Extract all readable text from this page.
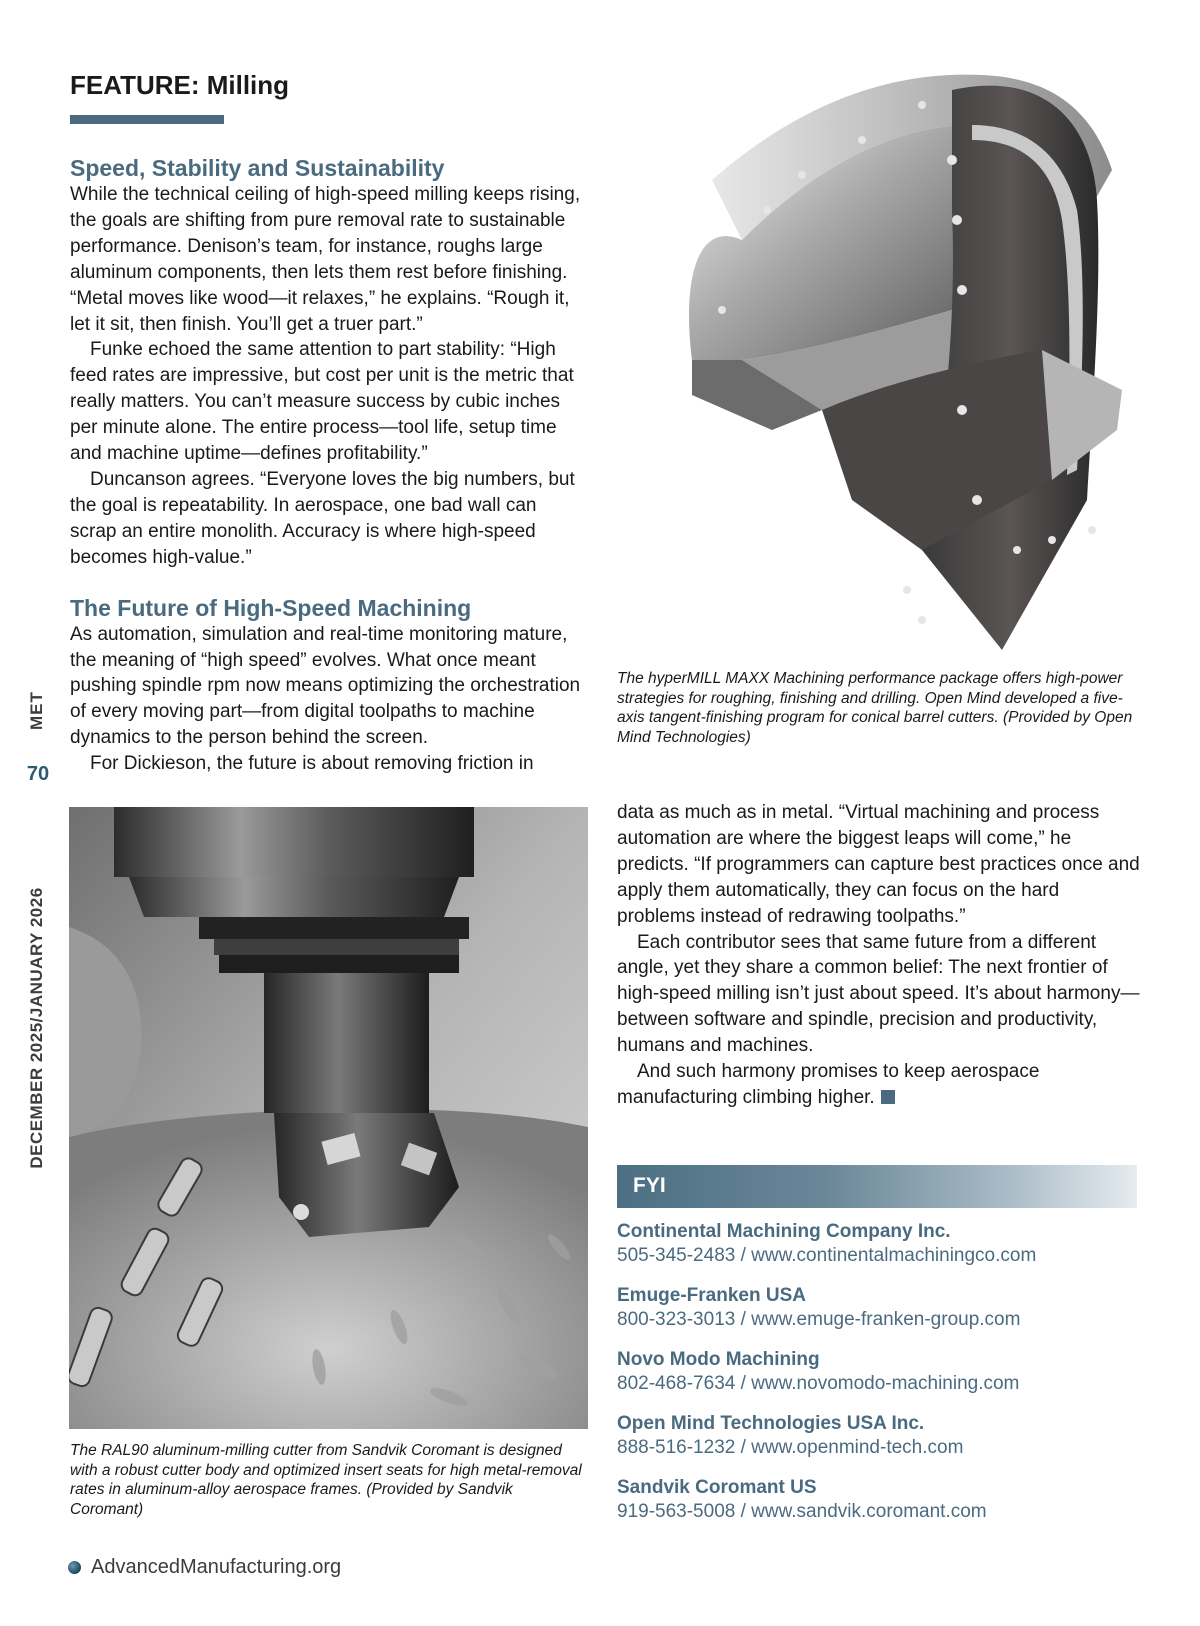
FEATURE: Milling
MET
70
DECEMBER 2025/JANUARY 2026
Speed, Stability and Sustainability

While the technical ceiling of high-speed milling keeps rising, the goals are shifting from pure removal rate to sustainable performance. Denison’s team, for instance, roughs large aluminum components, then lets them rest before finishing. “Metal moves like wood—it relaxes,” he explains. “Rough it, let it sit, then finish. You’ll get a truer part.”

Funke echoed the same attention to part stability: “High feed rates are impressive, but cost per unit is the metric that really matters. You can’t measure success by cubic inches per minute alone. The entire process—tool life, setup time and machine uptime—defines profitability.”

Duncanson agrees. “Everyone loves the big numbers, but the goal is repeatability. In aerospace, one bad wall can scrap an entire monolith. Accuracy is where high-speed becomes high-value.”

The Future of High-Speed Machining

As automation, simulation and real-time monitoring mature, the meaning of “high speed” evolves. What once meant pushing spindle rpm now means optimizing the orchestration of every moving part—from digital toolpaths to machine dynamics to the person behind the screen.

For Dickieson, the future is about removing friction in

The hyperMILL MAXX Machining performance package offers high-power strategies for roughing, finishing and drilling. Open Mind developed a five-axis tangent-finishing program for conical barrel cutters. (Provided by Open Mind Technologies)

The RAL90 aluminum-milling cutter from Sandvik Coromant is designed with a robust cutter body and optimized insert seats for high metal-removal rates in aluminum-alloy aerospace frames. (Provided by Sandvik Coromant)

data as much as in metal. “Virtual machining and process automation are where the biggest leaps will come,” he predicts. “If programmers can capture best practices once and apply them automatically, they can focus on the hard problems instead of redrawing toolpaths.”

Each contributor sees that same future from a different angle, yet they share a common belief: The next frontier of high-speed milling isn’t just about speed. It’s about harmony—between software and spindle, precision and productivity, humans and machines.

And such harmony promises to keep aerospace manufacturing climbing higher.

FYI
Continental Machining Company Inc.
505-345-2483 / www.continentalmachiningco.com
Emuge-Franken USA
800-323-3013 / www.emuge-franken-group.com
Novo Modo Machining
802-468-7634 / www.novomodo-machining.com
Open Mind Technologies USA Inc.
888-516-1232 / www.openmind-tech.com
Sandvik Coromant US
919-563-5008 / www.sandvik.coromant.com
AdvancedManufacturing.org
